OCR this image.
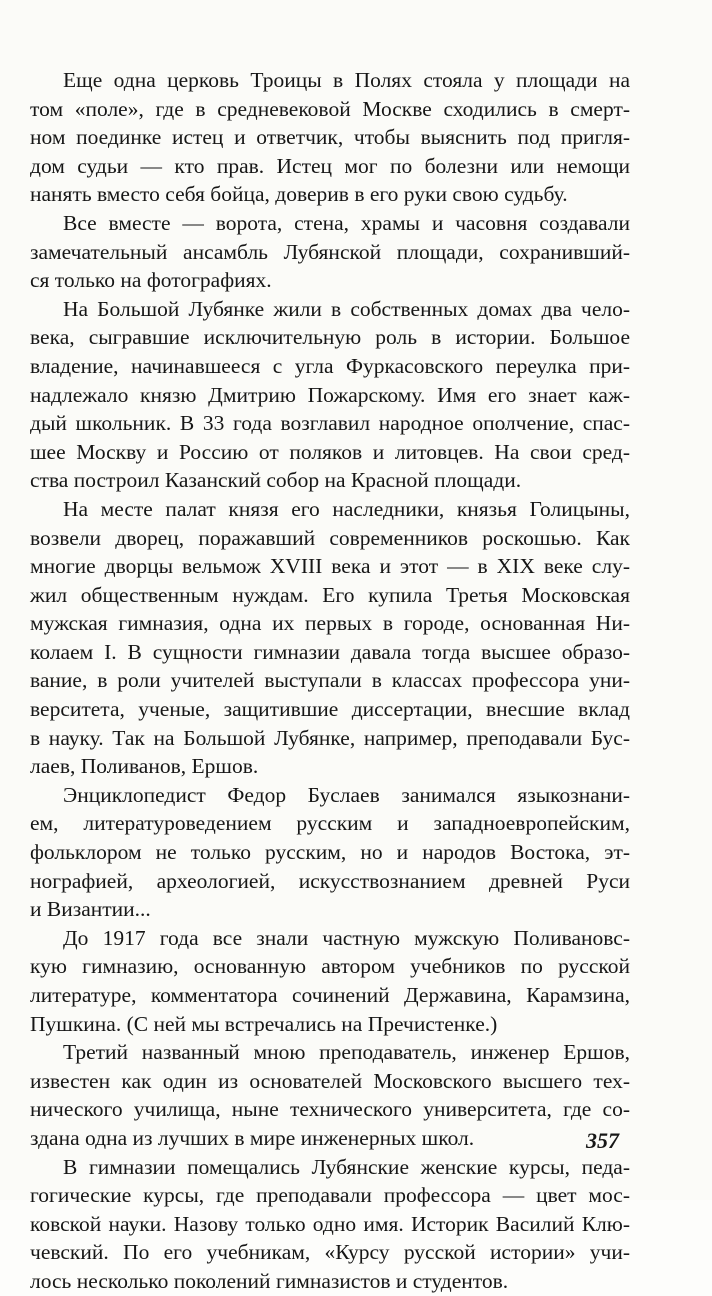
Еще одна церковь Троицы в Полях стояла у площади на
том «поле», где в средневековой Москве сходились в смерт-
ном поединке истец и ответчик, чтобы выяснить под пригля-
дом судьи — кто прав. Истец мог по болезни или немощи
нанять вместо себя бойца, доверив в его руки свою судьбу.
Все вместе — ворота, стена, храмы и часовня создавали
замечательный ансамбль Лубянской площади, сохранивший-
ся только на фотографиях.
На Большой Лубянке жили в собственных домах два чело-
века, сыгравшие исключительную роль в истории. Большое
владение, начинавшееся с угла Фуркасовского переулка при-
надлежало князю Дмитрию Пожарскому. Имя его знает каж-
дый школьник. В 33 года возглавил народное ополчение, спас-
шее Москву и Россию от поляков и литовцев. На свои сред-
ства построил Казанский собор на Красной площади.
На месте палат князя его наследники, князья Голицыны,
возвели дворец, поражавший современников роскошью. Как
многие дворцы вельмож XVIII века и этот — в XIX веке слу-
жил общественным нуждам. Его купила Третья Московская
мужская гимназия, одна их первых в городе, основанная Ни-
колаем I. В сущности гимназии давала тогда высшее образо-
вание, в роли учителей выступали в классах профессора уни-
верситета, ученые, защитившие диссертации, внесшие вклад
в науку. Так на Большой Лубянке, например, преподавали Бус-
лаев, Поливанов, Ершов.
Энциклопедист Федор Буслаев занимался языкознани-
ем, литературоведением русским и западноевропейским,
фольклором не только русским, но и народов Востока, эт-
нографией, археологией, искусствознанием древней Руси
и Византии...
До 1917 года все знали частную мужскую Поливановс-
кую гимназию, основанную автором учебников по русской
литературе, комментатора сочинений Державина, Карамзина,
Пушкина. (С ней мы встречались на Пречистенке.)
Третий названный мною преподаватель, инженер Ершов,
известен как один из основателей Московского высшего тех-
нического училища, ныне технического университета, где со-
здана одна из лучших в мире инженерных школ.
В гимназии помещались Лубянские женские курсы, педа-
гогические курсы, где преподавали профессора — цвет мос-
ковской науки. Назову только одно имя. Историк Василий Клю-
чевский. По его учебникам, «Курсу русской истории» учи-
лось несколько поколений гимназистов и студентов.
357
